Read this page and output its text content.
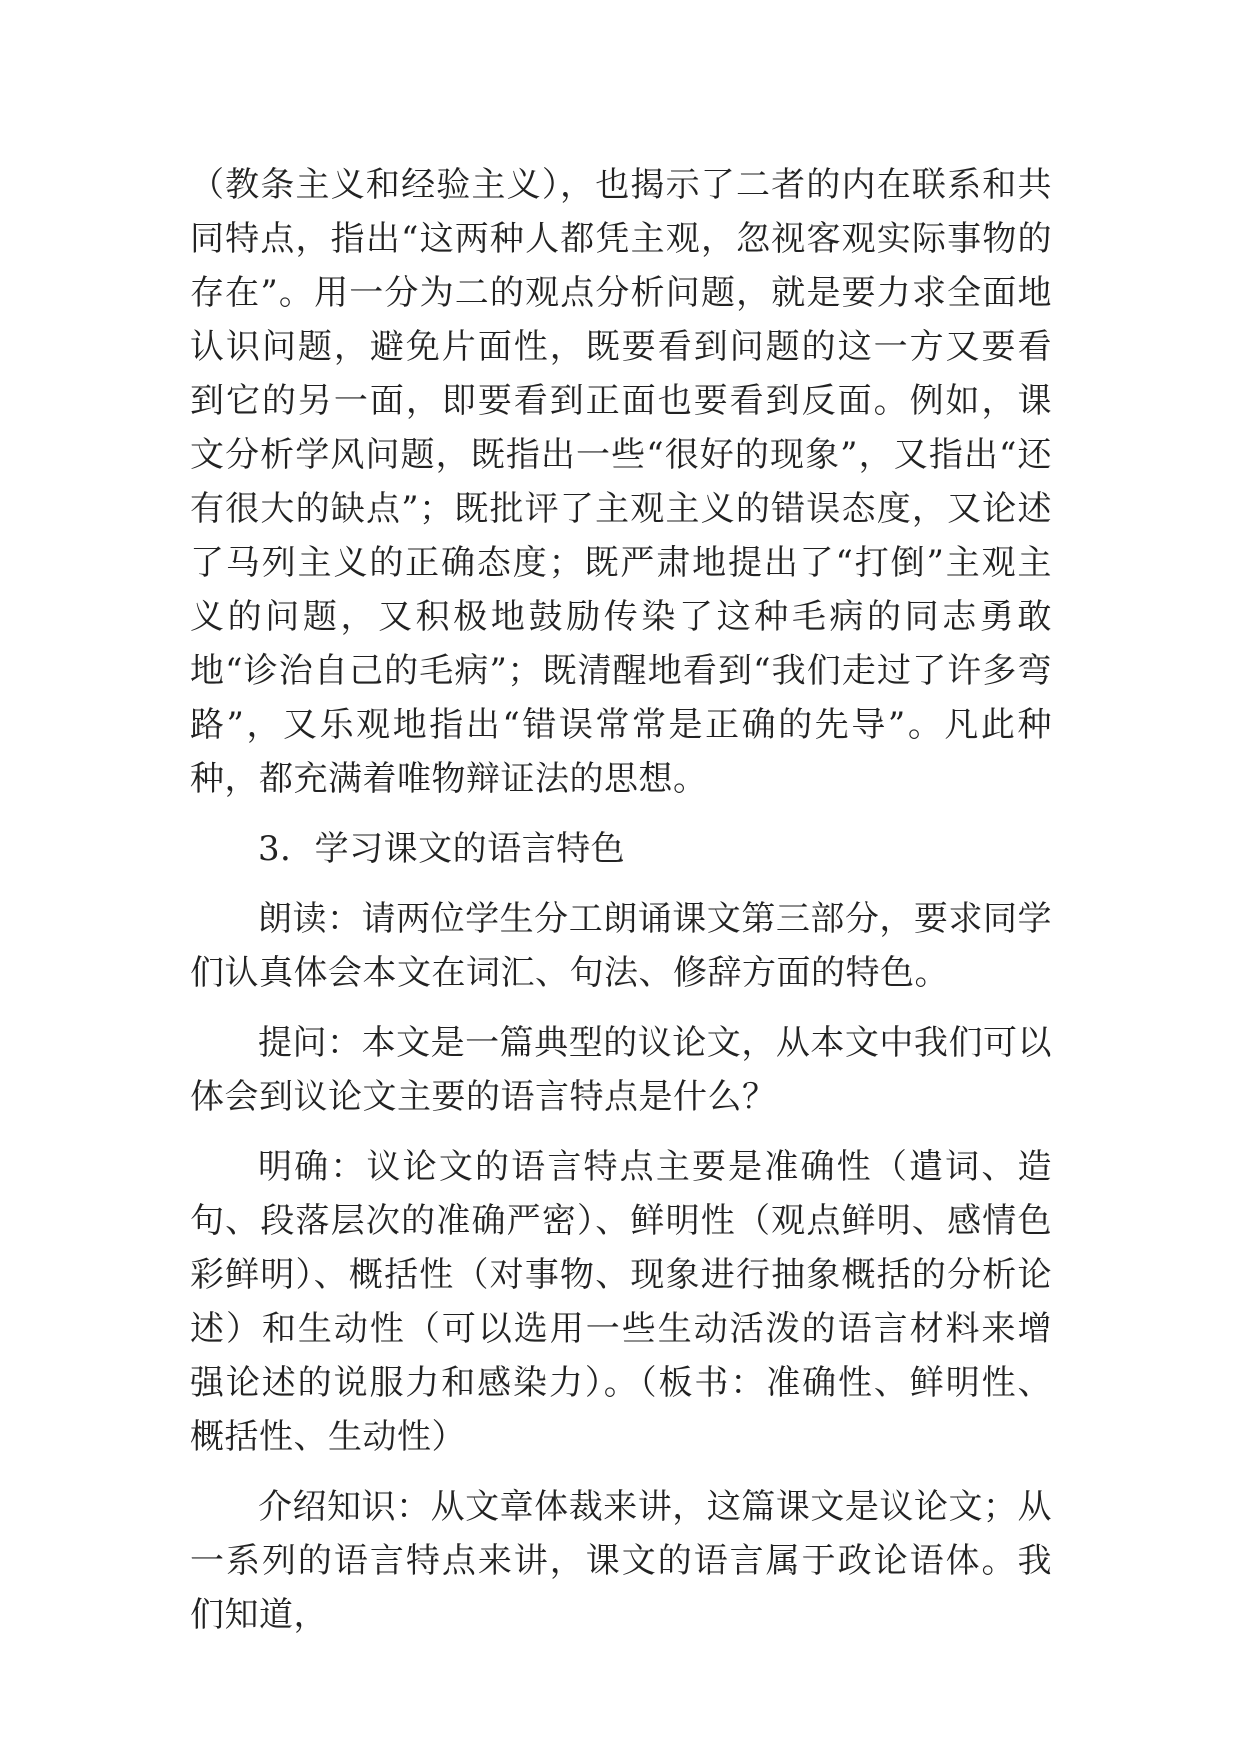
（教条主义和经验主义），也揭示了二者的内在联系和共同特点，指出“这两种人都凭主观，忽视客观实际事物的存在”。用一分为二的观点分析问题，就是要力求全面地认识问题，避免片面性，既要看到问题的这一方又要看到它的另一面，即要看到正面也要看到反面。例如，课文分析学风问题，既指出一些“很好的现象”，又指出“还有很大的缺点”；既批评了主观主义的错误态度，又论述了马列主义的正确态度；既严肃地提出了“打倒”主观主义的问题，又积极地鼓励传染了这种毛病的同志勇敢地“诊治自己的毛病”；既清醒地看到“我们走过了许多弯路”，又乐观地指出“错误常常是正确的先导”。凡此种种，都充满着唯物辩证法的思想。

3．学习课文的语言特色

朗读：请两位学生分工朗诵课文第三部分，要求同学们认真体会本文在词汇、句法、修辞方面的特色。

提问：本文是一篇典型的议论文，从本文中我们可以体会到议论文主要的语言特点是什么？

明确：议论文的语言特点主要是准确性（遣词、造句、段落层次的准确严密）、鲜明性（观点鲜明、感情色彩鲜明）、概括性（对事物、现象进行抽象概括的分析论述）和生动性（可以选用一些生动活泼的语言材料来增强论述的说服力和感染力）。（板书：准确性、鲜明性、概括性、生动性）

介绍知识：从文章体裁来讲，这篇课文是议论文；从一系列的语言特点来讲，课文的语言属于政论语体。我们知道，
